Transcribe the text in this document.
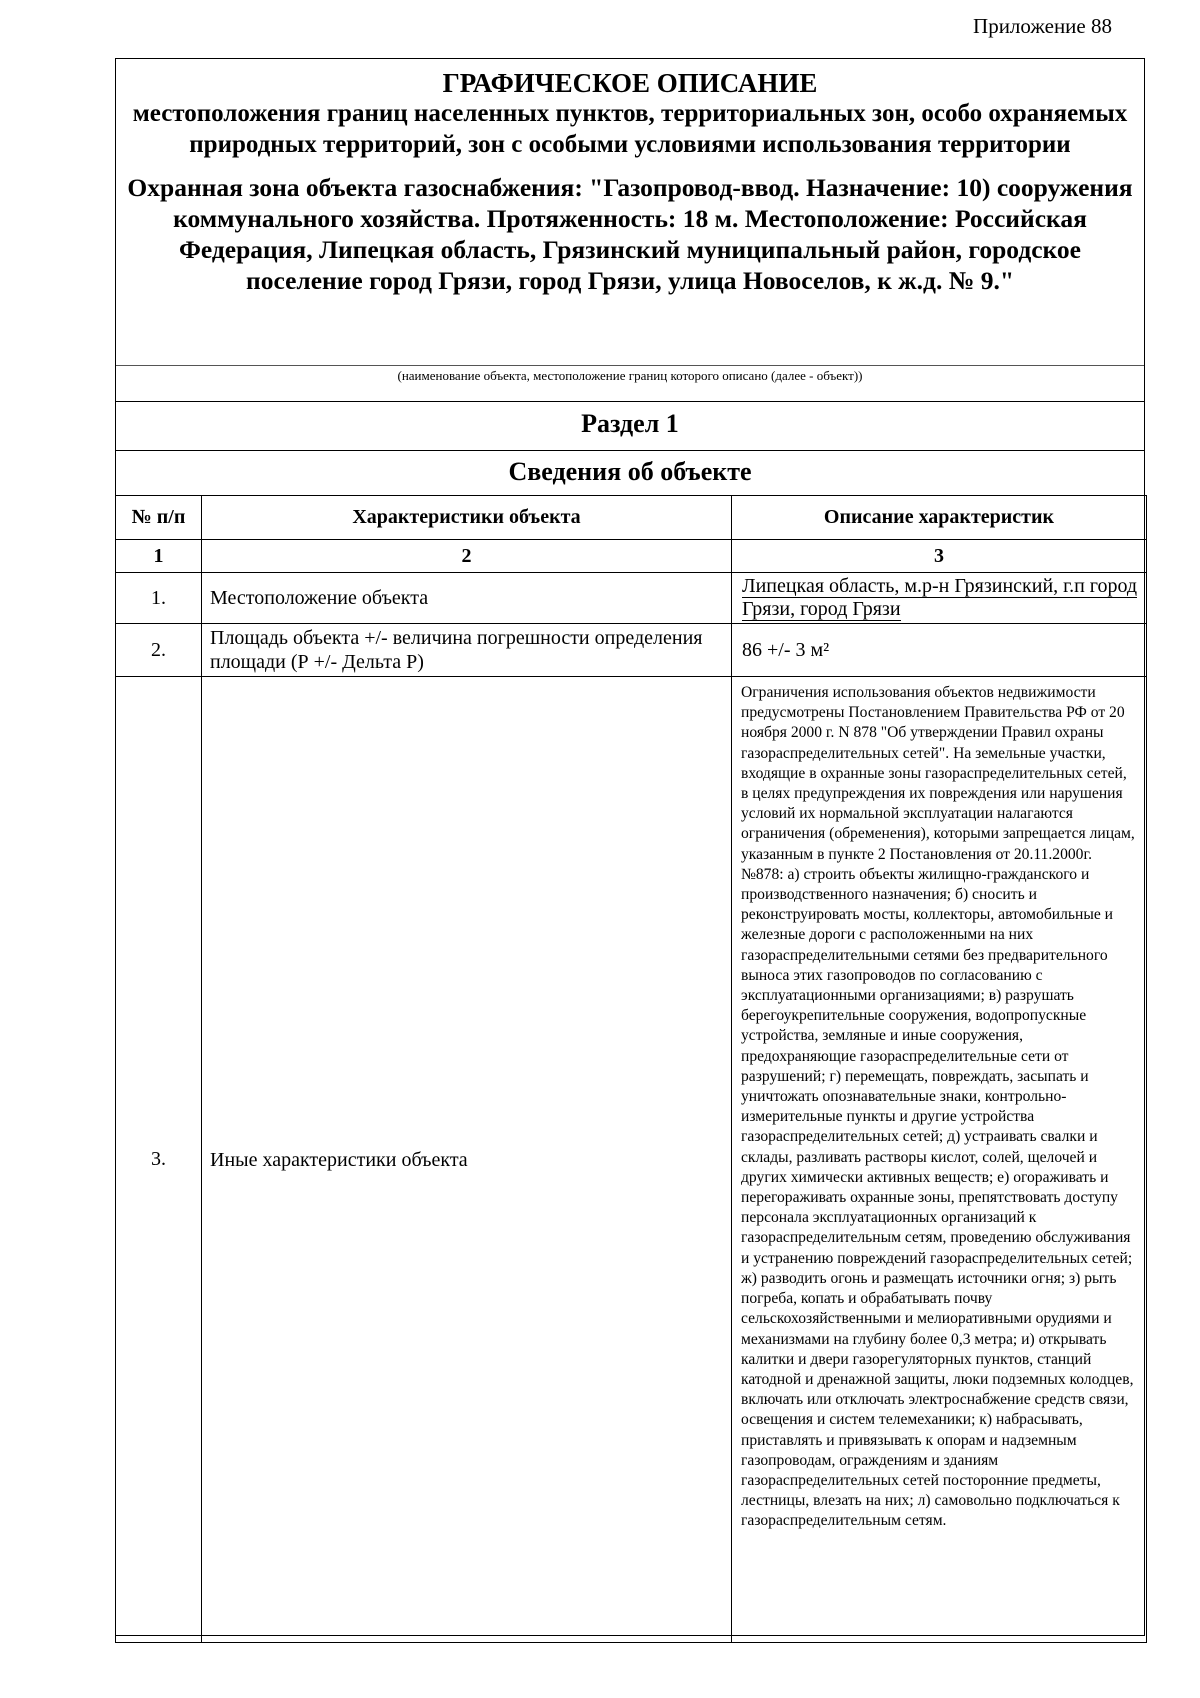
Приложение 88
ГРАФИЧЕСКОЕ ОПИСАНИЕ
местоположения границ населенных пунктов, территориальных зон, особо охраняемых природных территорий, зон с особыми условиями использования территории
Охранная зона объекта газоснабжения: "Газопровод-ввод. Назначение: 10) сооружения коммунального хозяйства. Протяженность: 18 м. Местоположение: Российская Федерация, Липецкая область, Грязинский муниципальный район, городское поселение город Грязи, город Грязи, улица Новоселов, к ж.д. № 9."
(наименование объекта, местоположение границ которого описано (далее - объект))
Раздел 1
Сведения об объекте
№ п/п	Характеристики объекта	Описание характеристик
1	2	3
1.	Местоположение объекта	Липецкая область, м.р-н Грязинский, г.п город Грязи, город Грязи
2.	Площадь объекта +/- величина погрешности определения площади (Р +/- Дельта Р)	86 +/- 3 м²
3.	Иные характеристики объекта	Ограничения использования объектов недвижимости предусмотрены Постановлением Правительства РФ от 20 ноября 2000 г. N 878 "Об утверждении Правил охраны газораспределительных сетей". На земельные участки, входящие в охранные зоны газораспределительных сетей, в целях предупреждения их повреждения или нарушения условий их нормальной эксплуатации налагаются ограничения (обременения), которыми запрещается лицам, указанным в пункте 2 Постановления от 20.11.2000г. №878: а) строить объекты жилищно-гражданского и производственного назначения; б) сносить и реконструировать мосты, коллекторы, автомобильные и железные дороги с расположенными на них газораспределительными сетями без предварительного выноса этих газопроводов по согласованию с эксплуатационными организациями; в) разрушать берегоукрепительные сооружения, водопропускные устройства, земляные и иные сооружения, предохраняющие газораспределительные сети от разрушений; г) перемещать, повреждать, засыпать и уничтожать опознавательные знаки, контрольно-измерительные пункты и другие устройства газораспределительных сетей; д) устраивать свалки и склады, разливать растворы кислот, солей, щелочей и других химически активных веществ; е) огораживать и перегораживать охранные зоны, препятствовать доступу персонала эксплуатационных организаций к газораспределительным сетям, проведению обслуживания и устранению повреждений газораспределительных сетей; ж) разводить огонь и размещать источники огня; з) рыть погреба, копать и обрабатывать почву сельскохозяйственными и мелиоративными орудиями и механизмами на глубину более 0,3 метра; и) открывать калитки и двери газорегуляторных пунктов, станций катодной и дренажной защиты, люки подземных колодцев, включать или отключать электроснабжение средств связи, освещения и систем телемеханики; к) набрасывать, приставлять и привязывать к опорам и надземным газопроводам, ограждениям и зданиям газораспределительных сетей посторонние предметы, лестницы, влезать на них; л) самовольно подключаться к газораспределительным сетям.
